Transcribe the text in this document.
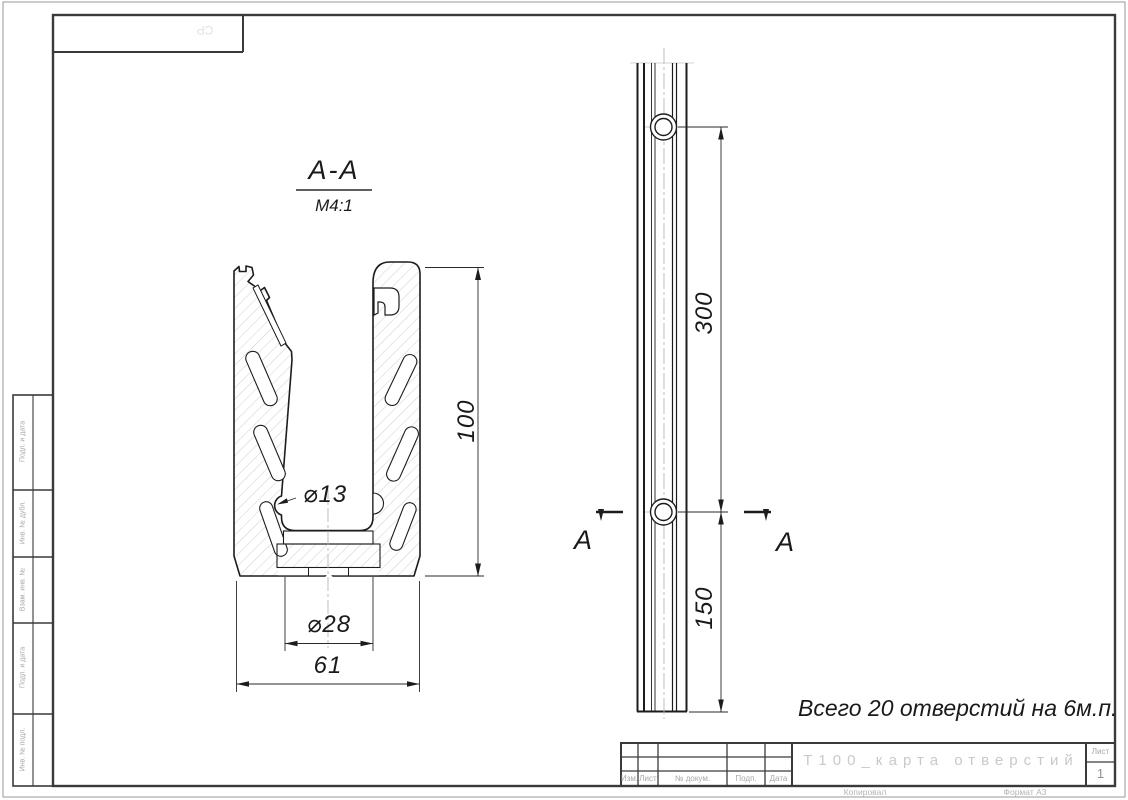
А-А
М4:1
100
⌀13
⌀28
61
300
150
А	А
Всего 20 отверстий на 6м.п.
Т100_карта отверстий
Изм. Лист	№ докум.	Подп.	Дата
Лист
1
Копировал	Формат А3
СР
Подп. и дата
Инв. № дубл.
Взам. инв. №
Подп. и дата
Инв. № подл.
